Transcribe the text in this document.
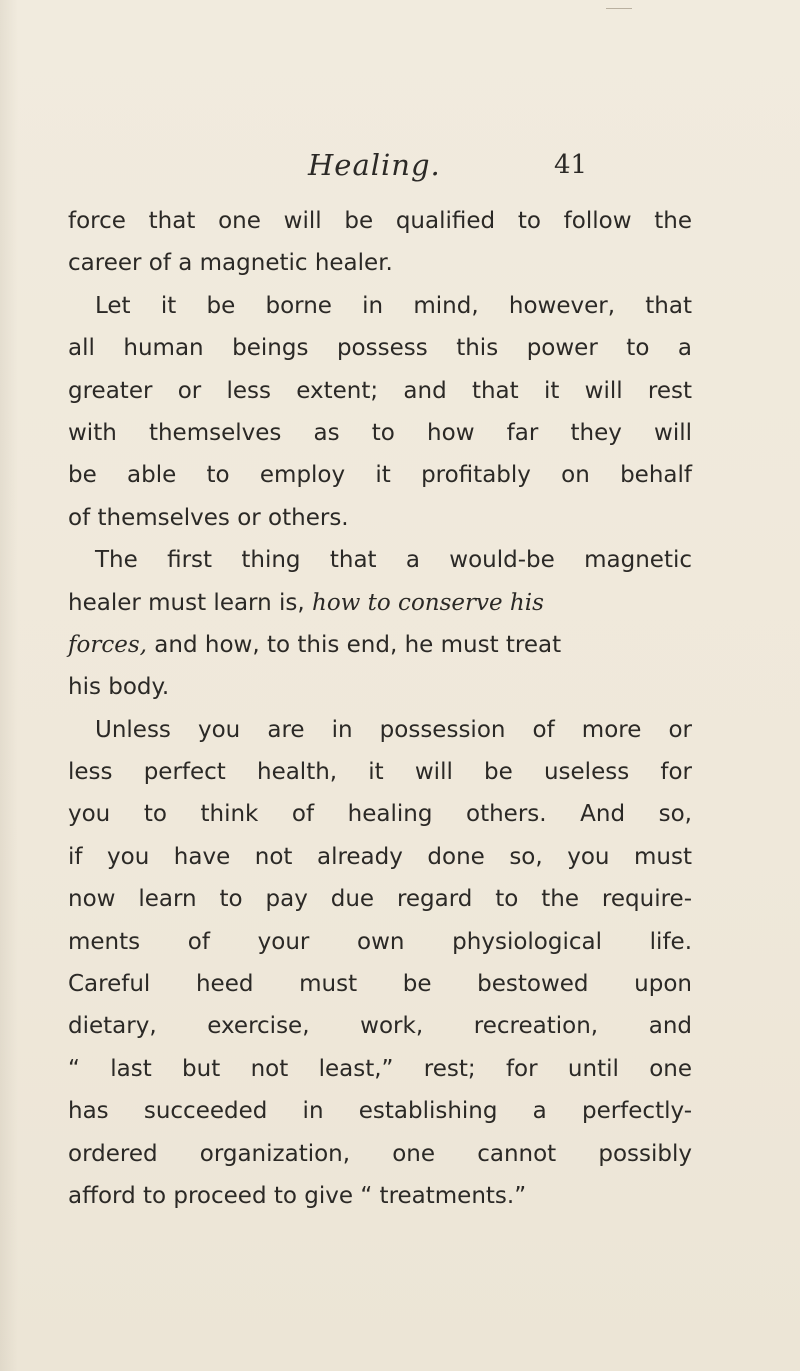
Healing.	41
force that one will be qualified to follow the
career of a magnetic healer.
Let it be borne in mind, however, that
all human beings possess this power to a
greater or less extent; and that it will rest
with themselves as to how far they will
be able to employ it profitably on behalf
of themselves or others.
The first thing that a would-be magnetic
healer must learn is, how to conserve his
forces, and how, to this end, he must treat
his body.
Unless you are in possession of more or
less perfect health, it will be useless for
you to think of healing others. And so,
if you have not already done so, you must
now learn to pay due regard to the require-
ments of your own physiological life.
Careful heed must be bestowed upon
dietary, exercise, work, recreation, and
“ last but not least,” rest; for until one
has succeeded in establishing a perfectly-
ordered organization, one cannot possibly
afford to proceed to give “ treatments.”
